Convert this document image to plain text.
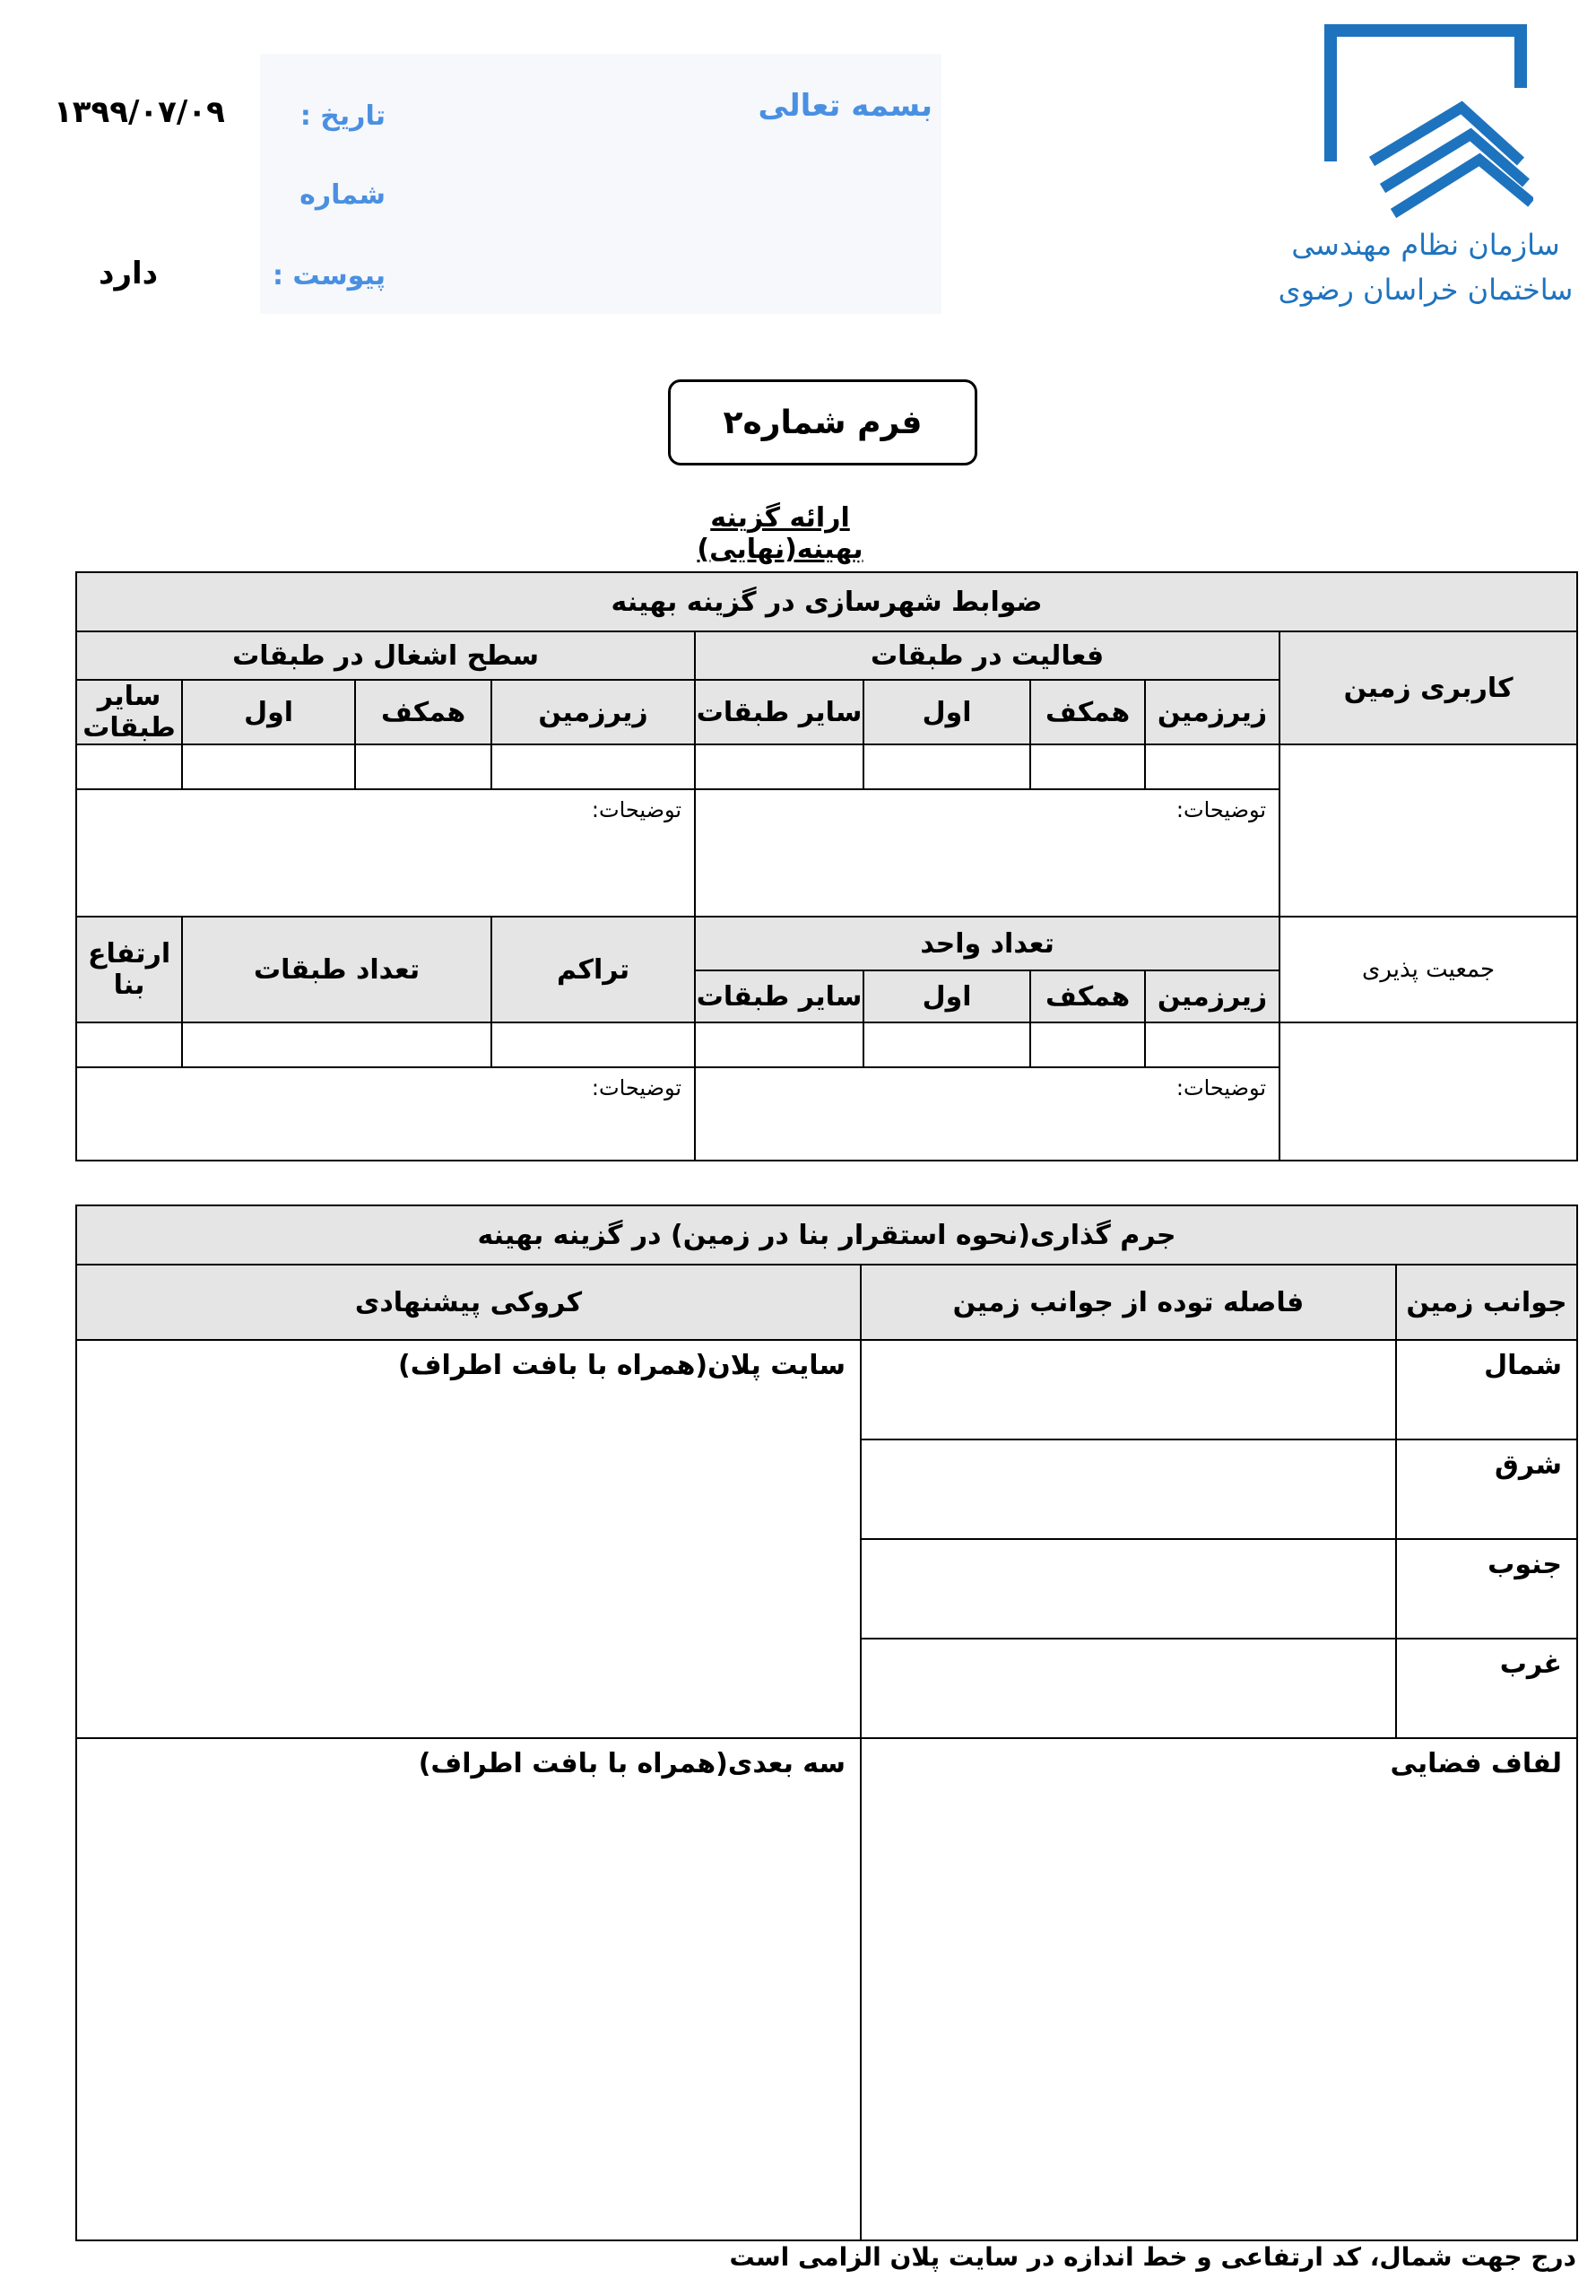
۱۳۹۹/۰۷/۰۹	تاریخ :
شماره
پیوست :
دارد
بسمه تعالی
سازمان نظام مهندسی
ساختمان خراسان رضوی
فرم شماره۲
ارائه گزینه بهینه(نهایی)
ضوابط شهرسازی در گزینه بهینه								
کاربری زمین	فعالیت در طبقات				سطح اشغال در طبقات			
	زیرزمین	همکف	اول	سایر طبقات	زیرزمین	همکف	اول	سایر طبقات

	توضیحات:				توضیحات:			

جمعیت پذیری	تعداد واحد				تراکم	تعداد طبقات		ارتفاع بنا
	زیرزمین	همکف	اول	سایر طبقات				

	توضیحات:				توضیحات:			
جرم گذاری(نحوه استقرار بنا در زمین) در گزینه بهینه		
جوانب زمین	فاصله توده از جوانب زمین	کروکی پیشنهادی

شمال		سایت پلان(همراه با بافت اطراف)

شرق		

جنوب		

غرب		

لفاف فضایی		سه بعدی(همراه با بافت اطراف)
درج جهت شمال، کد ارتفاعی و خط اندازه در سایت پلان الزامی است
